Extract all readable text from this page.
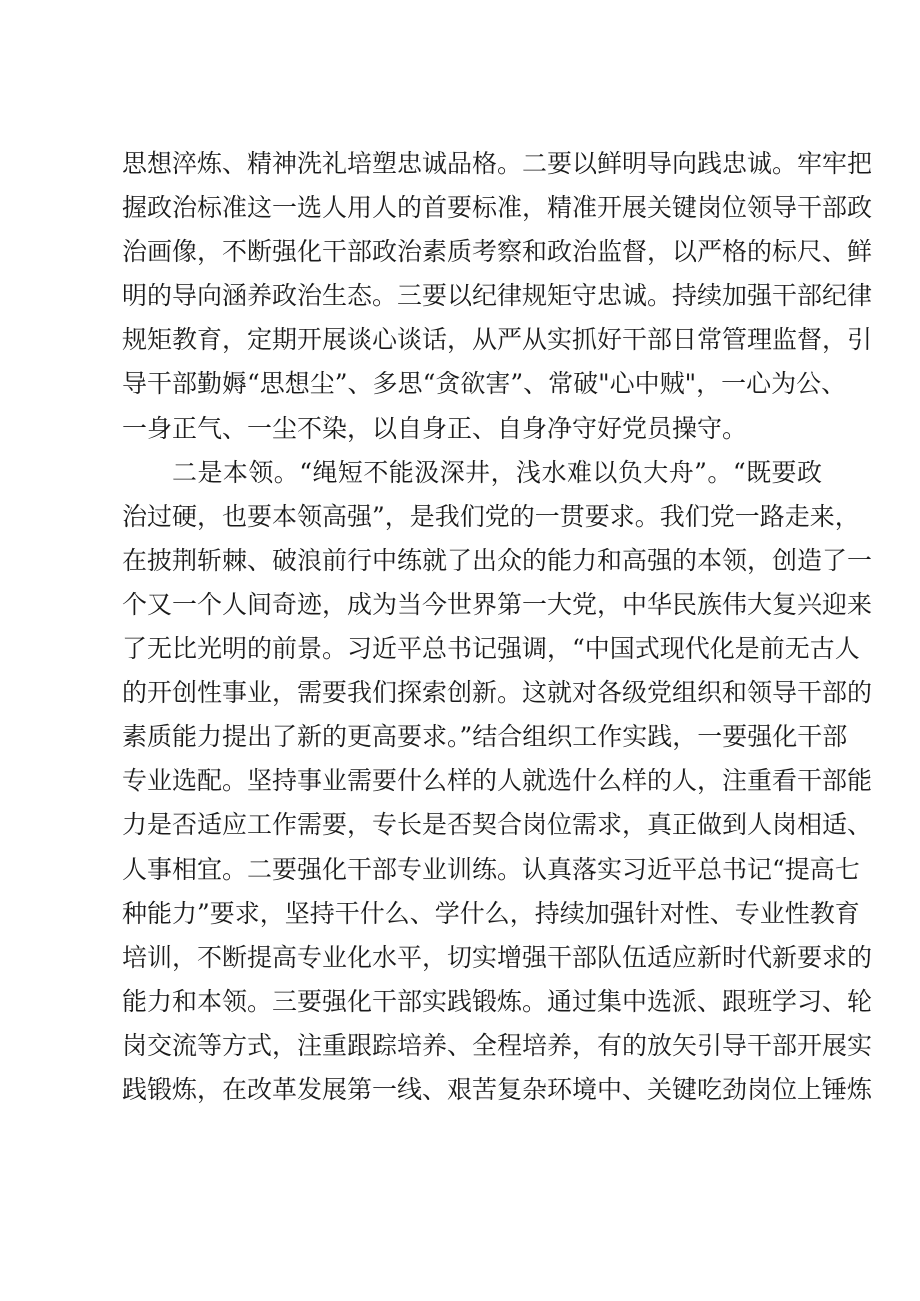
思想淬炼、精神洗礼培塑忠诚品格。二要以鲜明导向践忠诚。牢牢把
握政治标准这一选人用人的首要标准，精准开展关键岗位领导干部政
治画像，不断强化干部政治素质考察和政治监督，以严格的标尺、鲜
明的导向涵养政治生态。三要以纪律规矩守忠诚。持续加强干部纪律
规矩教育，定期开展谈心谈话，从严从实抓好干部日常管理监督，引
导干部勤媷“思想尘”、多思“贪欲害”、常破"心中贼"，一心为公、
一身正气、一尘不染，以自身正、自身净守好党员操守。
二是本领。“绳短不能汲深井，浅水难以负大舟”。“既要政
治过硬，也要本领高强”，是我们党的一贯要求。我们党一路走来，
在披荆斩棘、破浪前行中练就了出众的能力和高强的本领，创造了一
个又一个人间奇迹，成为当今世界第一大党，中华民族伟大复兴迎来
了无比光明的前景。习近平总书记强调，“中国式现代化是前无古人
的开创性事业，需要我们探索创新。这就对各级党组织和领导干部的
素质能力提出了新的更高要求。”结合组织工作实践，一要强化干部
专业选配。坚持事业需要什么样的人就选什么样的人，注重看干部能
力是否适应工作需要，专长是否契合岗位需求，真正做到人岗相适、
人事相宜。二要强化干部专业训练。认真落实习近平总书记“提高七
种能力”要求，坚持干什么、学什么，持续加强针对性、专业性教育
培训，不断提高专业化水平，切实增强干部队伍适应新时代新要求的
能力和本领。三要强化干部实践锻炼。通过集中选派、跟班学习、轮
岗交流等方式，注重跟踪培养、全程培养，有的放矢引导干部开展实
践锻炼，在改革发展第一线、艰苦复杂环境中、关键吃劲岗位上锤炼
